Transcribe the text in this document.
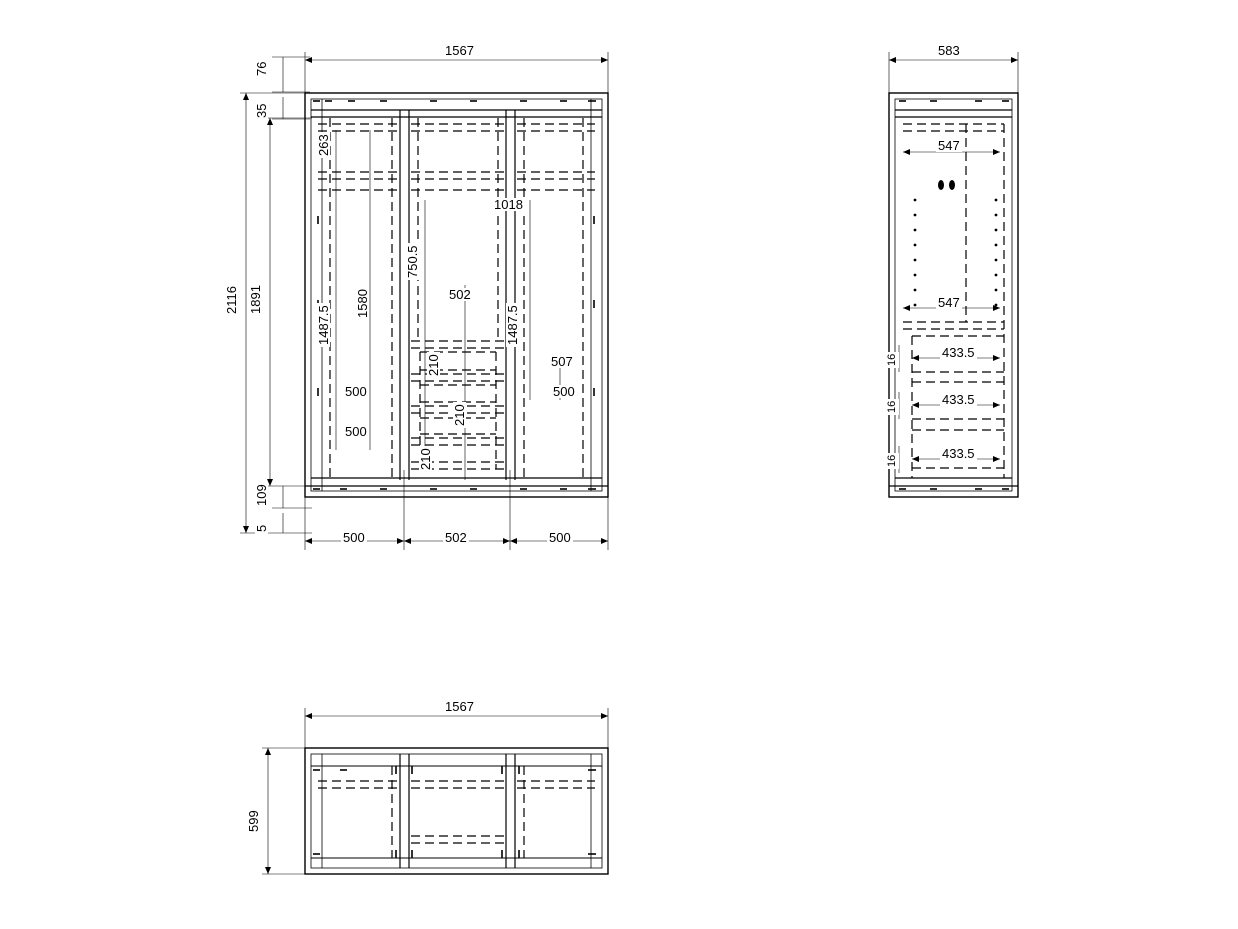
1567
76
35
2116 1891
109
5
263
1018
750.5
502
1487.5
1580
1487.5
210
210
210
507
500
500
500
500	502	500
583
547
547
433.5
433.5
433.5
16
16
16
1567
599
